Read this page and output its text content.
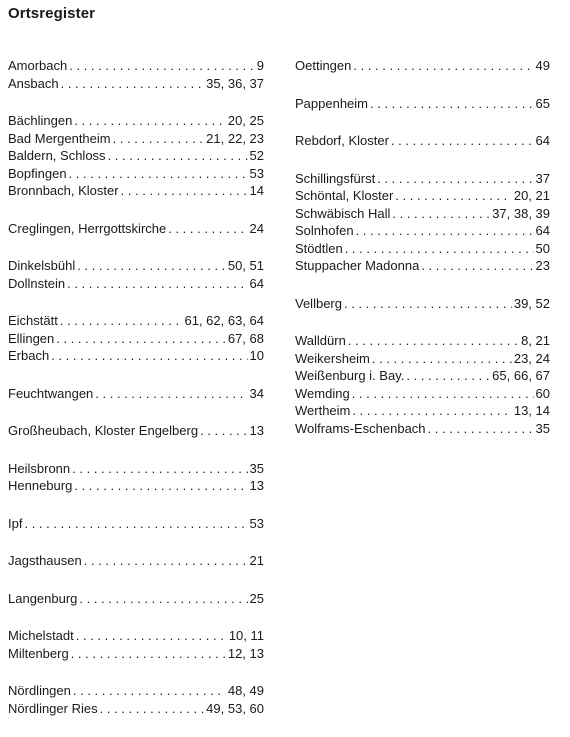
Ortsregister
Amorbach . . .	9
Ansbach . . .	35, 36, 37
Bächlingen . . .	20, 25
Bad Mergentheim . . .	21, 22, 23
Baldern, Schloss . . .	52
Bopfingen . . .	53
Bronnbach, Kloster . . .	14
Creglingen, Herrgottskirche . . .	24
Dinkelsbühl . . .	50, 51
Dollnstein . . .	64
Eichstätt . . .	61, 62, 63, 64
Ellingen . . .	67, 68
Erbach . . .	10
Feuchtwangen . . .	34
Großheubach, Kloster Engelberg . . .	13
Heilsbronn . . .	35
Henneburg . . .	13
Ipf . . .	53
Jagsthausen . . .	21
Langenburg . . .	25
Michelstadt . . .	10, 11
Miltenberg . . .	12, 13
Nördlingen . . .	48, 49
Nördlinger Ries . . .	49, 53, 60
Oettingen . . .	49
Pappenheim . . .	65
Rebdorf, Kloster . . .	64
Schillingsfürst . . .	37
Schöntal, Kloster . . .	20, 21
Schwäbisch Hall . . .	37, 38, 39
Solnhofen . . .	64
Stödtlen . . .	50
Stuppacher Madonna . . .	23
Vellberg . . .	39, 52
Walldürn . . .	8, 21
Weikersheim . . .	23, 24
Weißenburg i. Bay. . . .	65, 66, 67
Wemding . . .	60
Wertheim . . .	13, 14
Wolframs-Eschenbach . . .	35
